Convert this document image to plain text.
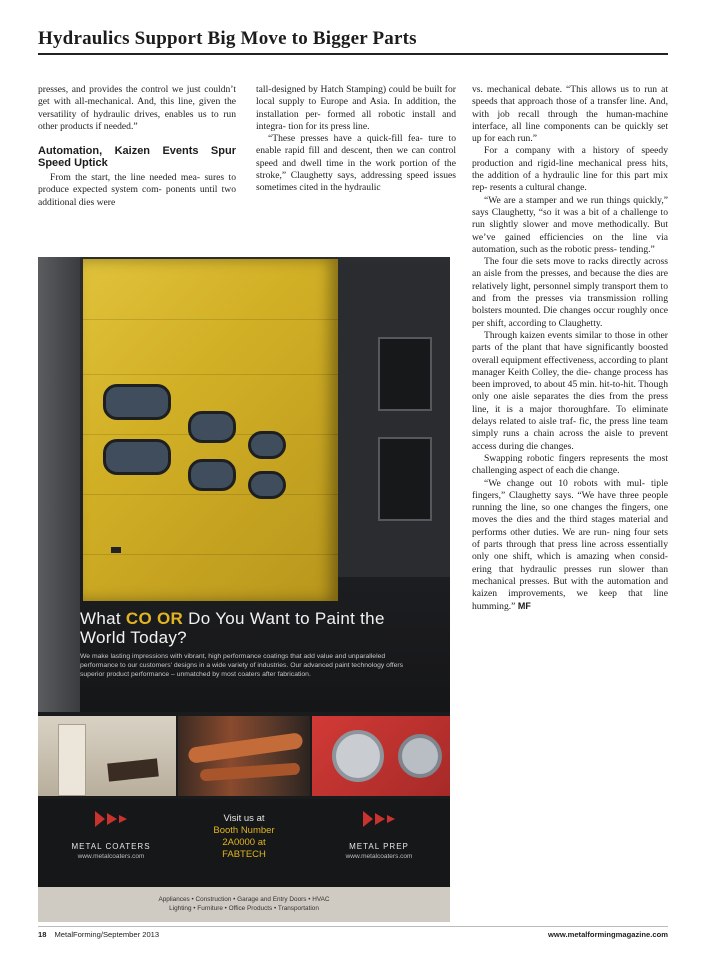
Hydraulics Support Big Move to Bigger Parts

presses, and provides the control we just couldn’t get with all-mechanical. And, this line, given the versatility of hydraulic drives, enables us to run other products if needed.”

Automation, Kaizen Events Spur Speed Uptick

From the start, the line needed mea- sures to produce expected system com- ponents until two additional dies were

tall-designed by Hatch Stamping) could be built for local supply to Europe and Asia. In addition, the installation per- formed all robotic install and integra- tion for its press line.

“These presses have a quick-fill fea- ture to enable rapid fill and descent, then we can control speed and dwell time in the work portion of the stroke,” Claughetty says, addressing speed issues sometimes cited in the hydraulic

vs. mechanical debate. “This allows us to run at speeds that approach those of a transfer line. And, with job recall through the human-machine interface, all line components can be quickly set up for each run.”

For a company with a history of speedy production and rigid-line mechanical press hits, the addition of a hydraulic line for this part mix rep- resents a cultural change.

“We are a stamper and we run things quickly,” says Claughetty, “so it was a bit of a challenge to run slightly slower and move methodically. But we’ve gained efficiencies on the line via automation, such as the robotic press- tending.”

The four die sets move to racks directly across an aisle from the presses, and because the dies are relatively light, personnel simply transport them to and from the presses via transmission rolling bolsters mounted. Die changes occur roughly once per shift, according to Claughetty.

Through kaizen events similar to those in other parts of the plant that have significantly boosted overall equipment effectiveness, according to plant manager Keith Colley, the die- change process has been improved, to about 45 min. hit-to-hit. Though only one aisle separates the dies from the press line, it is a major thoroughfare. To eliminate delays related to aisle traf- fic, the press line team simply runs a chain across the aisle to prevent access during die changes.

Swapping robotic fingers represents the most challenging aspect of each die change.

“We change out 10 robots with mul- tiple fingers,” Claughetty says. “We have three people running the line, so one changes the fingers, one moves the dies and the third stages material and performs other duties. We are run- ning four sets of parts through that press line across essentially only one shift, which is amazing when consid- ering that hydraulic presses run slower than mechanical presses. But with the automation and kaizen improvements, we keep that line humming.” MF

What CO OR Do You Want to Paint the World Today?
We make lasting impressions with vibrant, high performance coatings that add value and unparalleled performance to our customers' designs in a wide variety of industries. Our advanced paint technology offers superior product performance – unmatched by most coaters after fabrication.
METAL COATERS
www.metalcoaters.com
Visit us at
Booth Number
2A0000 at
FABTECH
METAL PREP
www.metalcoaters.com
Appliances • Construction • Garage and Entry Doors • HVAC
Lighting • Furniture • Office Products • Transportation
18 MetalForming/September 2013	www.metalformingmagazine.com
